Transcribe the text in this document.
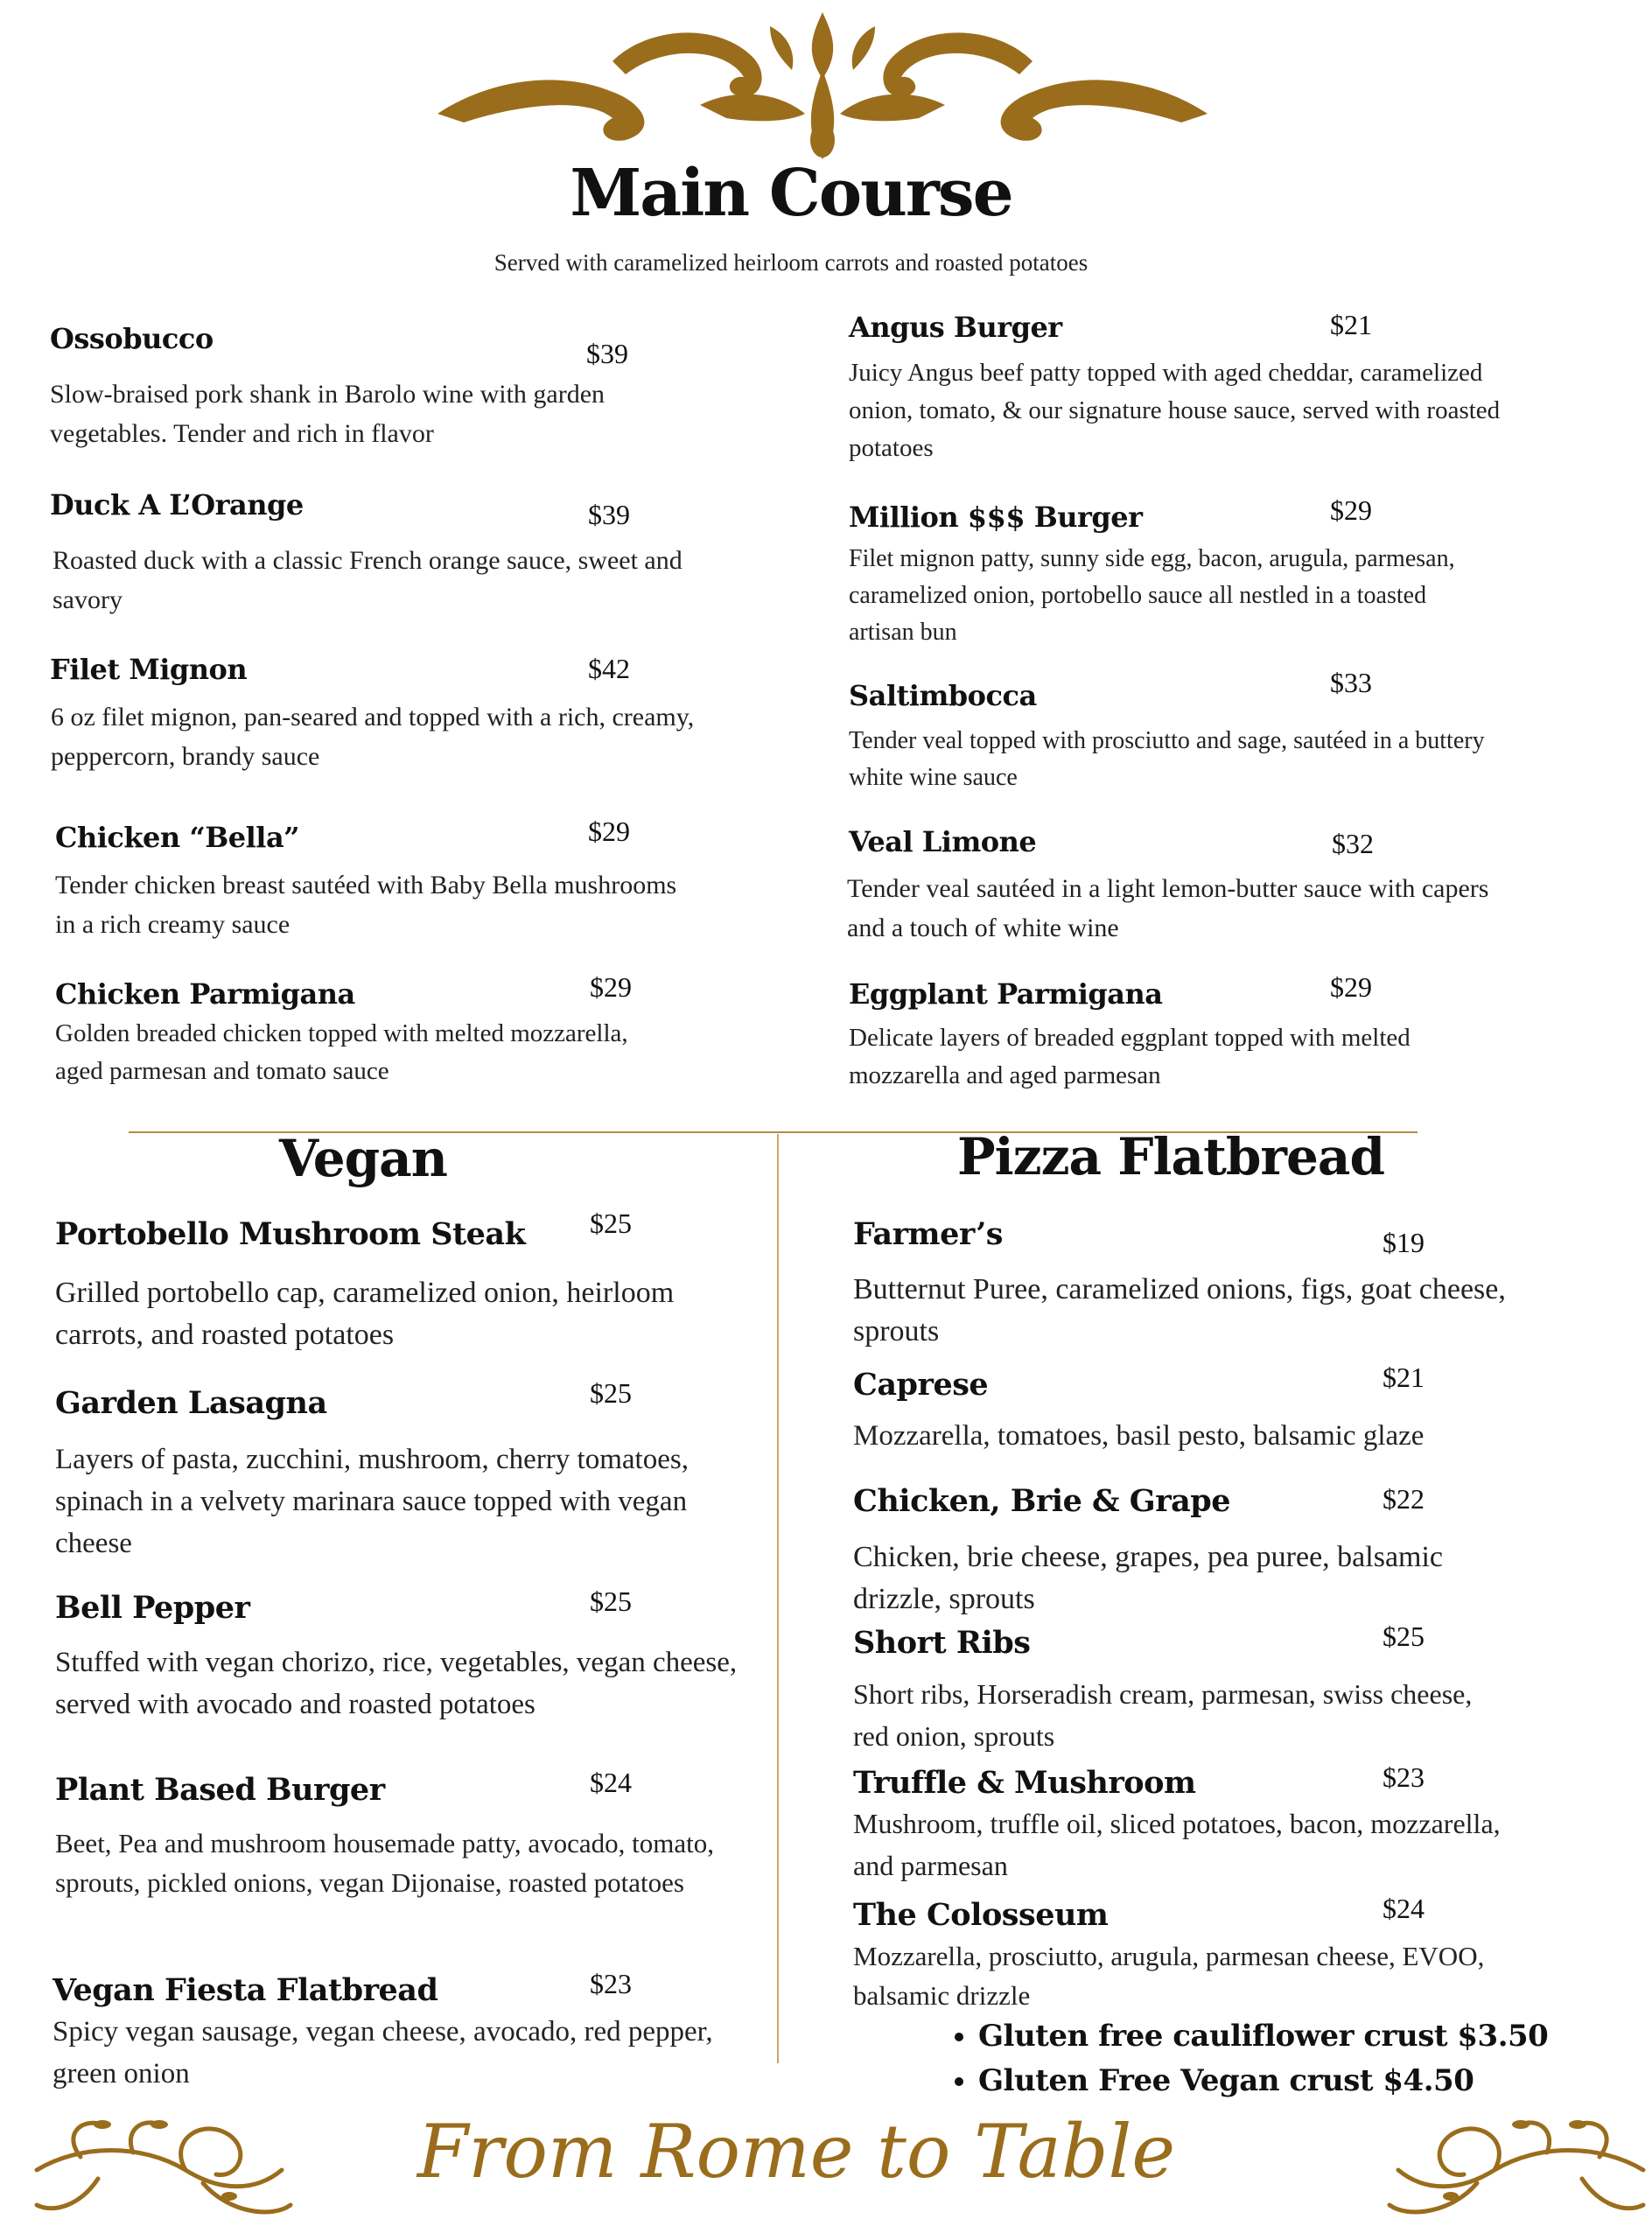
Main Course
Served with caramelized heirloom carrots and roasted potatoes
Ossobucco	$39
Slow-braised pork shank in Barolo wine with garden vegetables. Tender and rich in flavor
Duck A L’Orange	$39
Roasted duck with a classic French orange sauce, sweet and savory
Filet Mignon	$42
6 oz filet mignon, pan-seared and topped with a rich, creamy, peppercorn, brandy sauce
Chicken “Bella”	$29
Tender chicken breast sautéed with Baby Bella mushrooms in a rich creamy sauce
Chicken Parmigana	$29
Golden breaded chicken topped with melted mozzarella, aged parmesan and tomato sauce
Angus Burger	$21
Juicy Angus beef patty topped with aged cheddar, caramelized onion, tomato, & our signature house sauce, served with roasted potatoes
Million $$$ Burger	$29
Filet mignon patty, sunny side egg, bacon, arugula, parmesan, caramelized onion, portobello sauce all nestled in a toasted artisan bun
Saltimbocca	$33
Tender veal topped with prosciutto and sage, sautéed in a buttery white wine sauce
Veal Limone	$32
Tender veal sautéed in a light lemon-butter sauce with capers and a touch of white wine
Eggplant Parmigana	$29
Delicate layers of breaded eggplant topped with melted mozzarella and aged parmesan
Vegan
Portobello Mushroom Steak $25
Grilled portobello cap, caramelized onion, heirloom carrots, and roasted potatoes
Garden Lasagna	$25
Layers of pasta, zucchini, mushroom, cherry tomatoes, spinach in a velvety marinara sauce topped with vegan cheese
Bell Pepper	$25
Stuffed with vegan chorizo, rice, vegetables, vegan cheese, served with avocado and roasted potatoes
Plant Based Burger	$24
Beet, Pea and mushroom housemade patty, avocado, tomato, sprouts, pickled onions, vegan Dijonaise, roasted potatoes
Vegan Fiesta Flatbread	$23
Spicy vegan sausage, vegan cheese, avocado, red pepper, green onion
Pizza Flatbread
Farmer’s	$19
Butternut Puree, caramelized onions, figs, goat cheese, sprouts
Caprese	$21
Mozzarella, tomatoes, basil pesto, balsamic glaze
Chicken, Brie & Grape	$22
Chicken, brie cheese, grapes, pea puree, balsamic drizzle, sprouts
Short Ribs	$25
Short ribs, Horseradish cream, parmesan, swiss cheese, red onion, sprouts
Truffle & Mushroom	$23
Mushroom, truffle oil, sliced potatoes, bacon, mozzarella, and parmesan
The Colosseum	$24
Mozzarella, prosciutto, arugula, parmesan cheese, EVOO, balsamic drizzle
• Gluten free cauliflower crust $3.50
• Gluten Free Vegan crust $4.50
From Rome to Table
